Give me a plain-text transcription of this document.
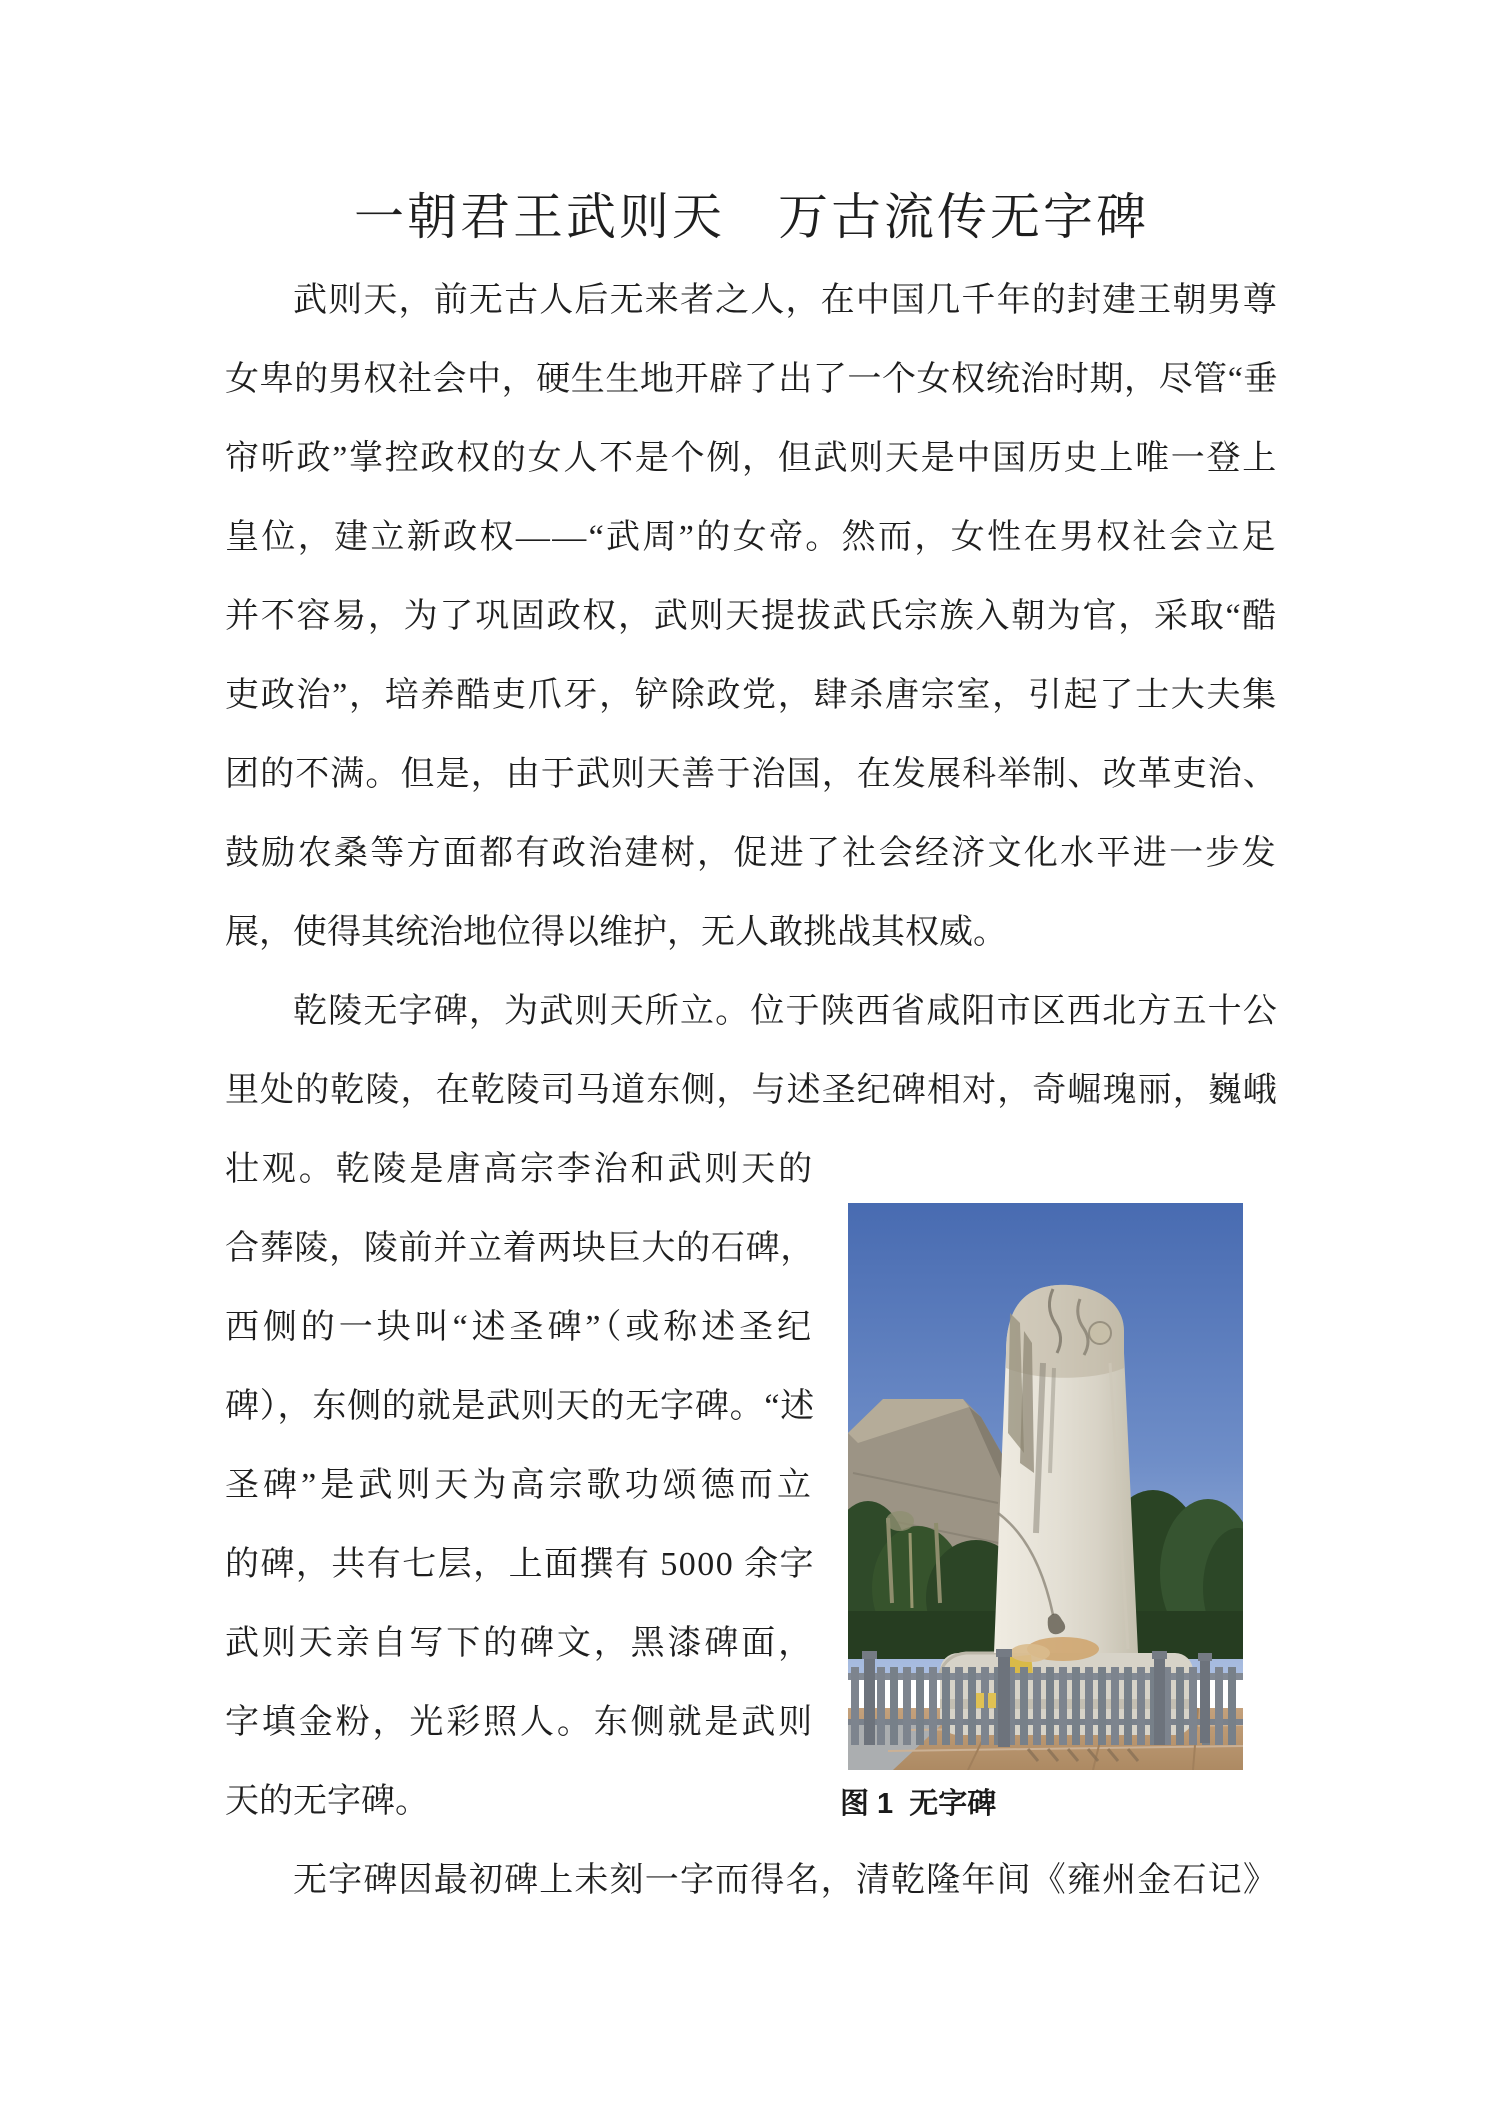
一朝君王武则天　万古流传无字碑
武则天，前无古人后无来者之人，在中国几千年的封建王朝男尊
女卑的男权社会中，硬生生地开辟了出了一个女权统治时期，尽管“垂
帘听政”掌控政权的女人不是个例，但武则天是中国历史上唯一登上
皇位，建立新政权——“武周”的女帝。然而，女性在男权社会立足
并不容易，为了巩固政权，武则天提拔武氏宗族入朝为官，采取“酷
吏政治”，培养酷吏爪牙，铲除政党，肆杀唐宗室，引起了士大夫集
团的不满。但是，由于武则天善于治国，在发展科举制、改革吏治、
鼓励农桑等方面都有政治建树，促进了社会经济文化水平进一步发
展，使得其统治地位得以维护，无人敢挑战其权威。
乾陵无字碑，为武则天所立。位于陕西省咸阳市区西北方五十公
里处的乾陵，在乾陵司马道东侧，与述圣纪碑相对，奇崛瑰丽，巍峨
壮观。乾陵是唐高宗李治和武则天的
合葬陵，陵前并立着两块巨大的石碑，
西侧的一块叫“述圣碑”（或称述圣纪
碑），东侧的就是武则天的无字碑。“述
圣碑”是武则天为高宗歌功颂德而立
的碑，共有七层，上面撰有 5000 余字
武则天亲自写下的碑文，黑漆碑面，
字填金粉，光彩照人。东侧就是武则
天的无字碑。
无字碑因最初碑上未刻一字而得名，清乾隆年间《雍州金石记》
图 1  无字碑
